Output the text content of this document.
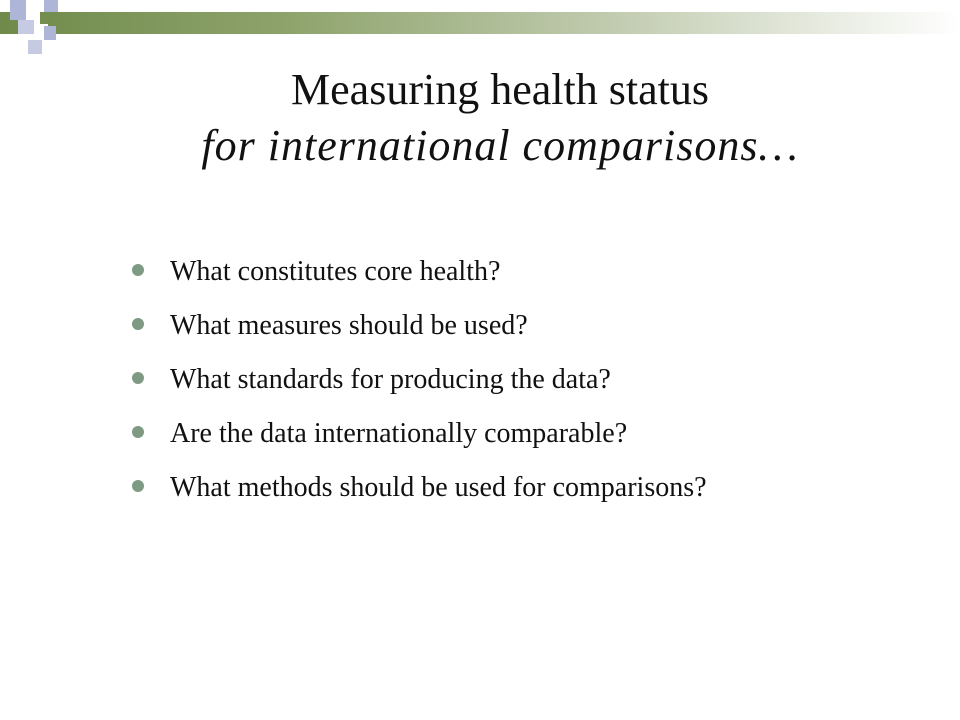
Measuring health status
for international comparisons…
What constitutes core health?
What measures should be used?
What standards for producing the data?
Are the data internationally comparable?
What methods should be used for comparisons?
